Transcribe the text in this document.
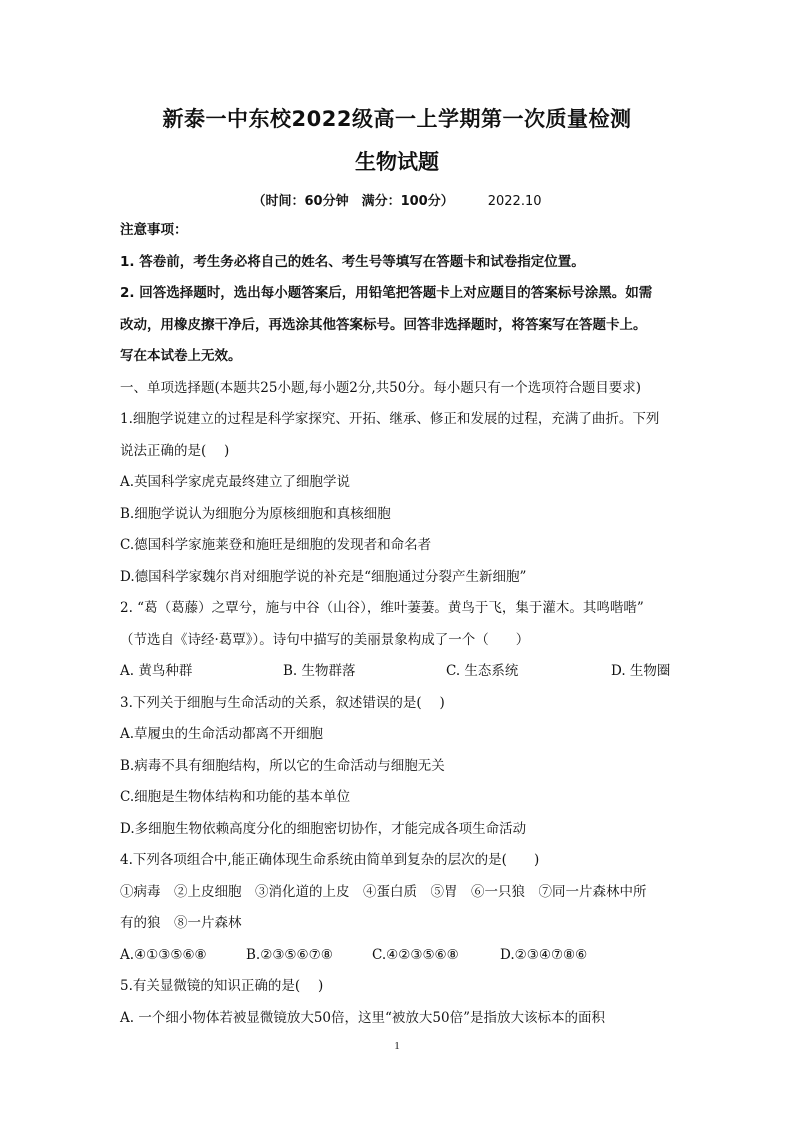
新泰一中东校2022级高一上学期第一次质量检测
生物试题
（时间：60分钟　满分：100分）	2022.10
注意事项：
1. 答卷前，考生务必将自己的姓名、考生号等填写在答题卡和试卷指定位置。
2. 回答选择题时，选出每小题答案后，用铅笔把答题卡上对应题目的答案标号涂黑。如需
改动，用橡皮擦干净后，再选涂其他答案标号。回答非选择题时，将答案写在答题卡上。
写在本试卷上无效。
一、单项选择题(本题共25小题,每小题2分,共50分。每小题只有一个选项符合题目要求)
1.细胞学说建立的过程是科学家探究、开拓、继承、修正和发展的过程，充满了曲折。下列
说法正确的是(　 )
A.英国科学家虎克最终建立了细胞学说
B.细胞学说认为细胞分为原核细胞和真核细胞
C.德国科学家施莱登和施旺是细胞的发现者和命名者
D.德国科学家魏尔肖对细胞学说的补充是“细胞通过分裂产生新细胞”
2. “葛（葛藤）之覃兮，施与中谷（山谷），维叶萋萋。黄鸟于飞，集于灌木。其鸣喈喈”
（节选自《诗经·葛覃》）。诗句中描写的美丽景象构成了一个（　　）
A. 黄鸟种群	B. 生物群落	C. 生态系统	D. 生物圈
3.下列关于细胞与生命活动的关系，叙述错误的是(　 )
A.草履虫的生命活动都离不开细胞
B.病毒不具有细胞结构，所以它的生命活动与细胞无关
C.细胞是生物体结构和功能的基本单位
D.多细胞生物依赖高度分化的细胞密切协作，才能完成各项生命活动
4.下列各项组合中,能正确体现生命系统由简单到复杂的层次的是(　　)
①病毒　②上皮细胞　③消化道的上皮　④蛋白质　⑤胃　⑥一只狼　⑦同一片森林中所
有的狼　⑧一片森林
A.④①③⑤⑥⑧	B.②③⑤⑥⑦⑧	C.④②③⑤⑥⑧	D.②③④⑦⑧⑥
5.有关显微镜的知识正确的是(　 )
A. 一个细小物体若被显微镜放大50倍，这里“被放大50倍”是指放大该标本的面积
1
